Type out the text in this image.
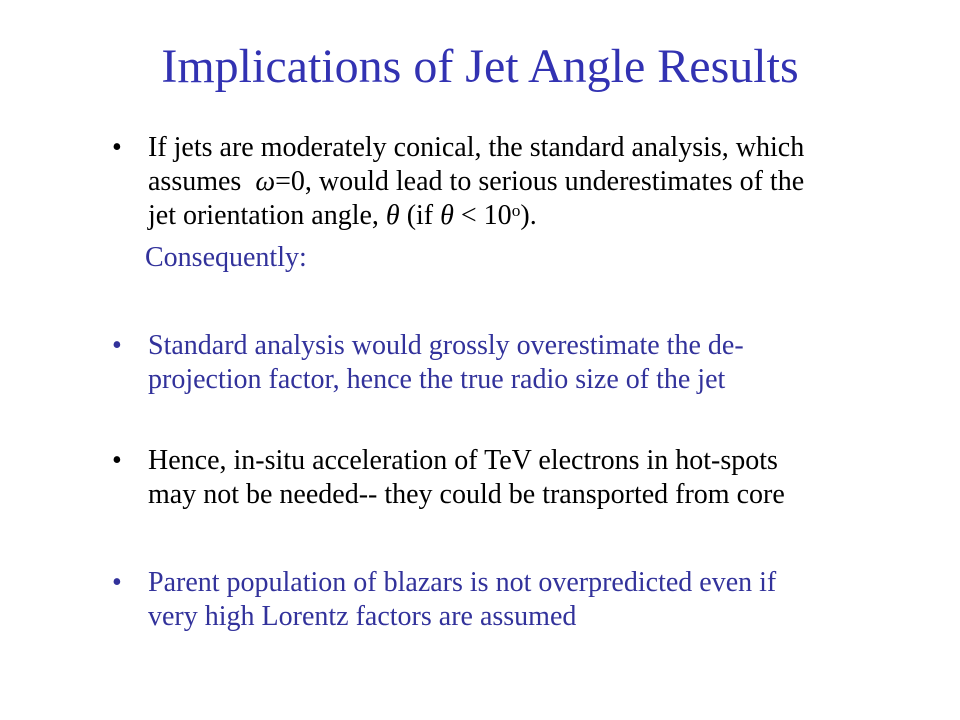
Implications of Jet Angle Results
• If jets are moderately conical, the standard analysis, which
assumes  ω=0, would lead to serious underestimates of the
jet orientation angle, θ (if $\theta < 10^o$).
Consequently:
• Standard analysis would grossly overestimate the de-
projection factor, hence the true radio size of the jet
• Hence, in-situ acceleration of TeV electrons in hot-spots
may not be needed-- they could be transported from core
• Parent population of blazars is not overpredicted even if
very high Lorentz factors are assumed
